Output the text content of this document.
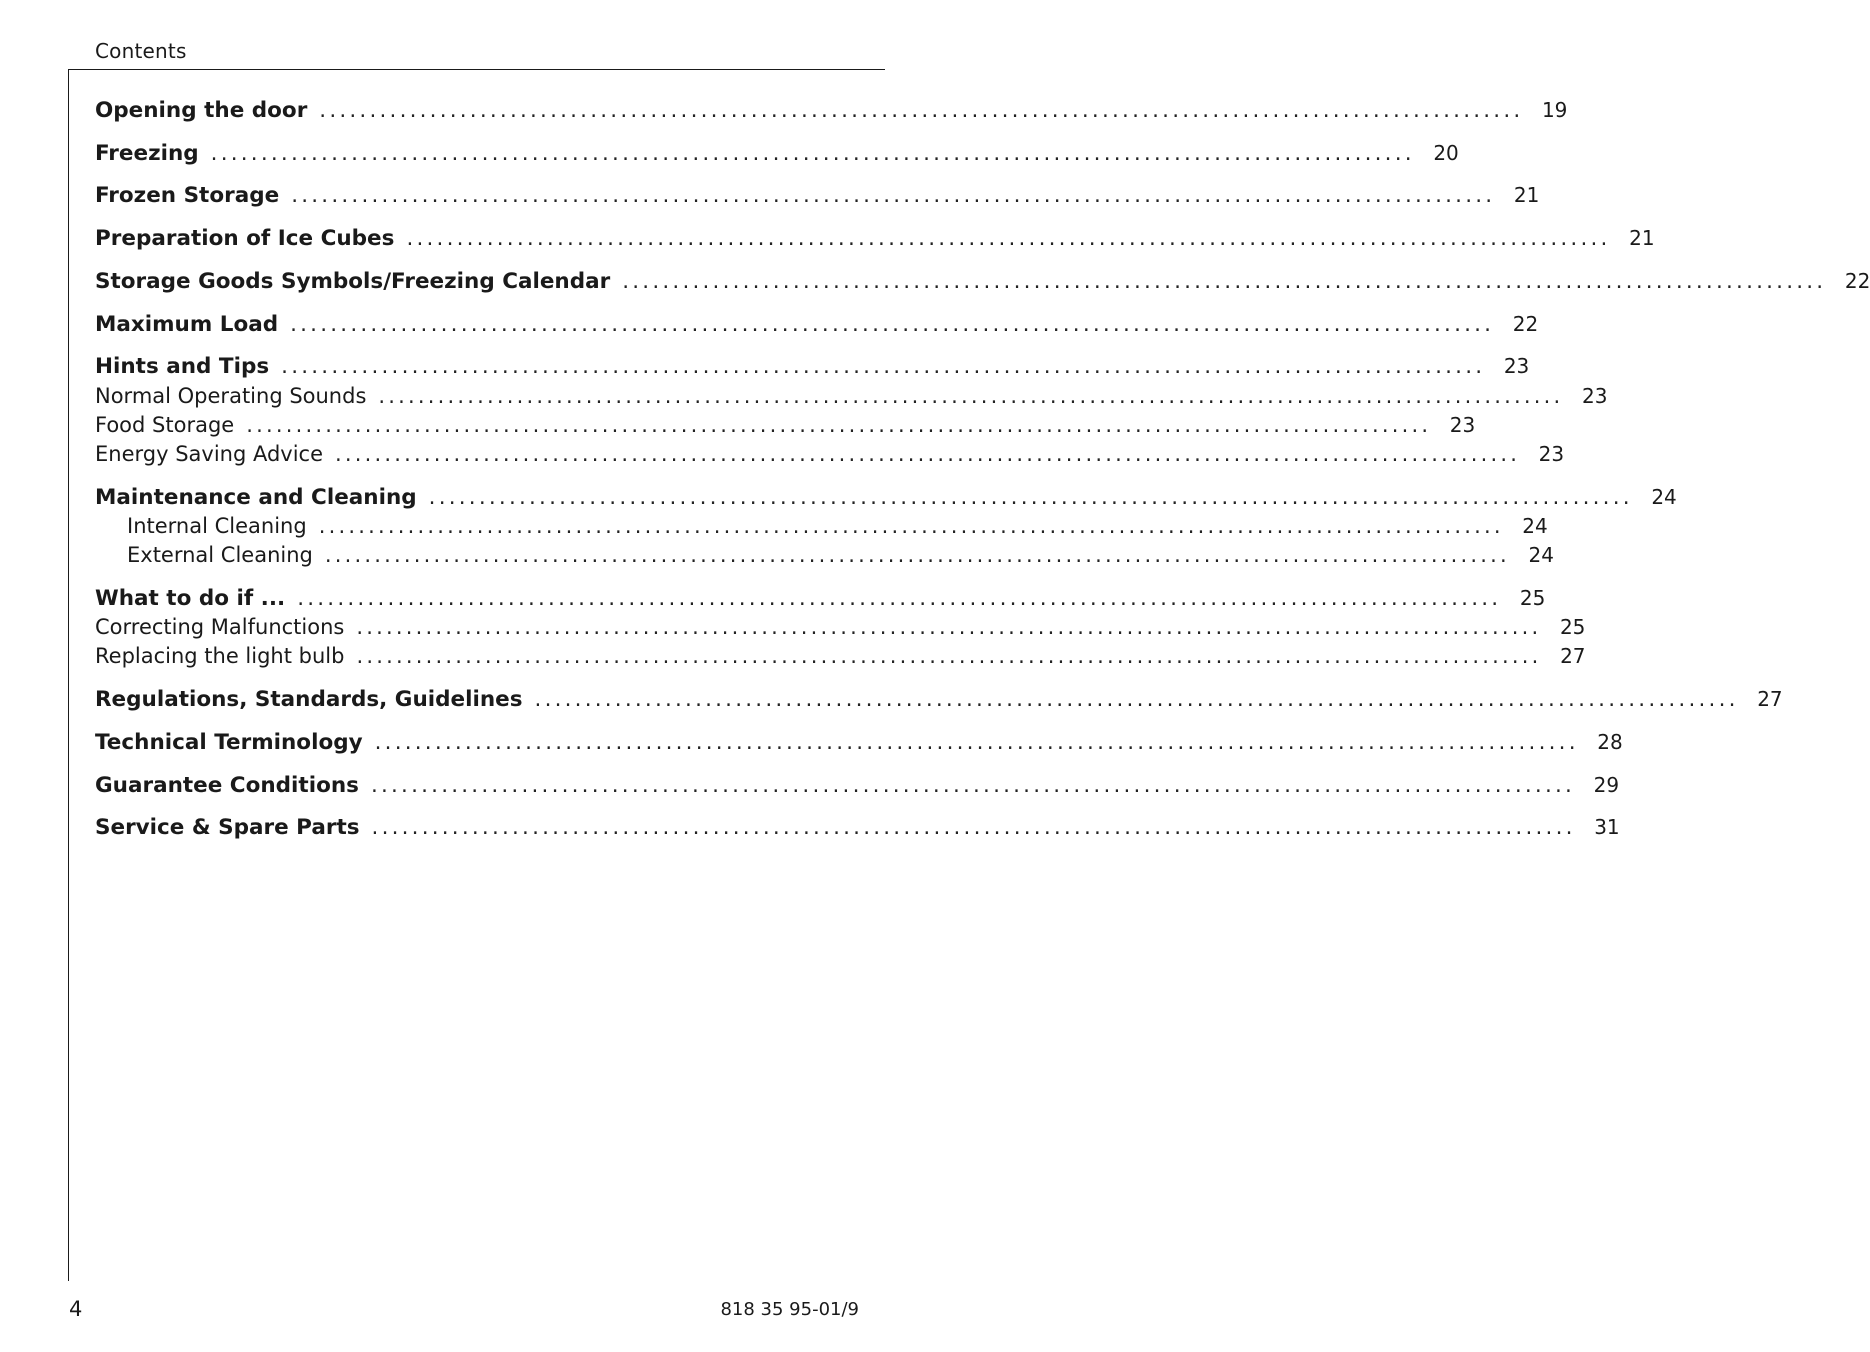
Contents
Opening the door ........................................................................................................................ 19
Freezing ........................................................................................................................ 20
Frozen Storage ........................................................................................................................ 21
Preparation of Ice Cubes ........................................................................................................................ 21
Storage Goods Symbols/Freezing Calendar ........................................................................................................................ 22
Maximum Load ........................................................................................................................ 22
Hints and Tips ........................................................................................................................ 23
Normal Operating Sounds ........................................................................................................................ 23
Food Storage ........................................................................................................................ 23
Energy Saving Advice ........................................................................................................................ 23
Maintenance and Cleaning ........................................................................................................................ 24
Internal Cleaning ........................................................................................................................ 24
External Cleaning ........................................................................................................................ 24
What to do if ... ........................................................................................................................ 25
Correcting Malfunctions ........................................................................................................................ 25
Replacing the light bulb ........................................................................................................................ 27
Regulations, Standards, Guidelines ........................................................................................................................ 27
Technical Terminology ........................................................................................................................ 28
Guarantee Conditions ........................................................................................................................ 29
Service & Spare Parts ........................................................................................................................ 31
4	818 35 95-01/9
